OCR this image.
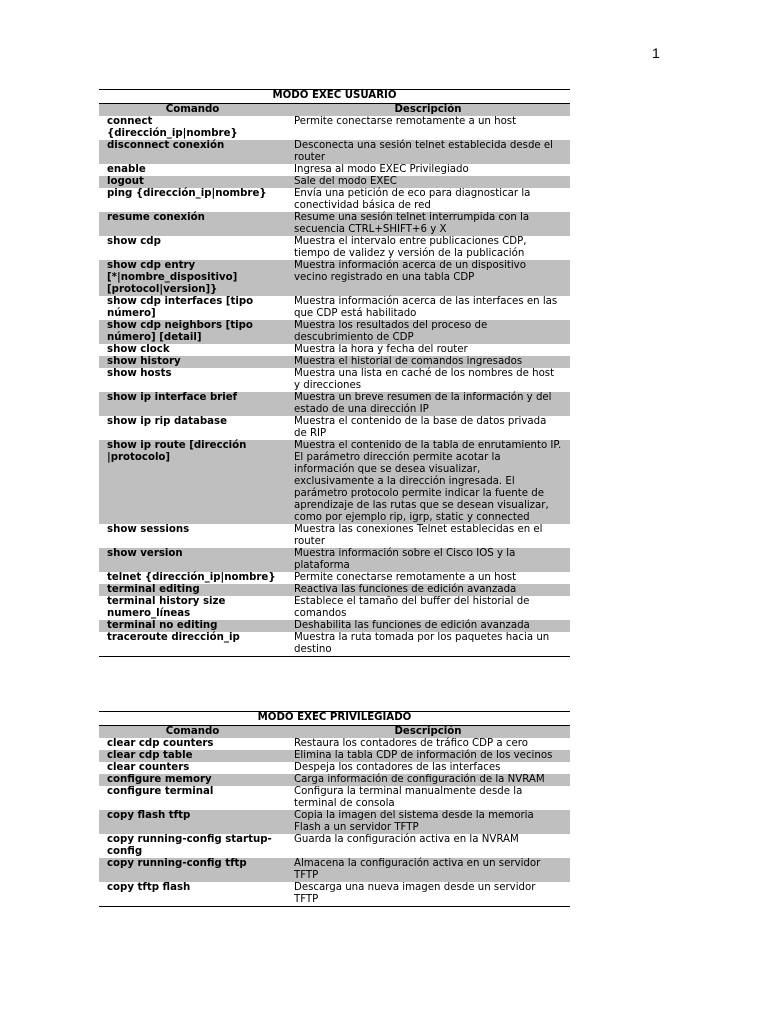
1
MODO EXEC USUARIO	
Comando	Descripción
connect {dirección_ip|nombre}	Permite conectarse remotamente a un host
disconnect conexión	Desconecta una sesión telnet establecida desde el router
enable	Ingresa al modo EXEC Privilegiado
logout	Sale del modo EXEC
ping {dirección_ip|nombre}	Envía una petición de eco para diagnosticar la conectividad básica de red
resume conexión	Resume una sesión telnet interrumpida con la secuencia CTRL+SHIFT+6 y X
show cdp	Muestra el intervalo entre publicaciones CDP, tiempo de validez y versión de la publicación
show cdp entry [*|nombre_dispositivo] [protocol|version]}	Muestra información acerca de un dispositivo vecino registrado en una tabla CDP
show cdp interfaces [tipo número]	Muestra información acerca de las interfaces en las que CDP está habilitado
show cdp neighbors [tipo número] [detail]	Muestra los resultados del proceso de descubrimiento de CDP
show clock	Muestra la hora y fecha del router
show history	Muestra el historial de comandos ingresados
show hosts	Muestra una lista en caché de los nombres de host y direcciones
show ip interface brief	Muestra un breve resumen de la información y del estado de una dirección IP
show ip rip database	Muestra el contenido de la base de datos privada de RIP
show ip route [dirección |protocolo]	Muestra el contenido de la tabla de enrutamiento IP. El parámetro dirección permite acotar la información que se desea visualizar, exclusivamente a la dirección ingresada. El parámetro protocolo permite indicar la fuente de aprendizaje de las rutas que se desean visualizar, como por ejemplo rip, igrp, static y connected
show sessions	Muestra las conexiones Telnet establecidas en el router
show version	Muestra información sobre el Cisco IOS y la plataforma
telnet {dirección_ip|nombre}	Permite conectarse remotamente a un host
terminal editing	Reactiva las funciones de edición avanzada
terminal history size numero_líneas	Establece el tamaño del buffer del historial de comandos
terminal no editing	Deshabilita las funciones de edición avanzada
traceroute dirección_ip	Muestra la ruta tomada por los paquetes hacia un destino
MODO EXEC PRIVILEGIADO	
Comando	Descripción
clear cdp counters	Restaura los contadores de tráfico CDP a cero
clear cdp table	Elimina la tabla CDP de información de los vecinos
clear counters	Despeja los contadores de las interfaces
configure memory	Carga información de configuración de la NVRAM
configure terminal	Configura la terminal manualmente desde la terminal de consola
copy flash tftp	Copia la imagen del sistema desde la memoria Flash a un servidor TFTP
copy running-config startup-config	Guarda la configuración activa en la NVRAM
copy running-config tftp	Almacena la configuración activa en un servidor TFTP
copy tftp flash	Descarga una nueva imagen desde un servidor TFTP
